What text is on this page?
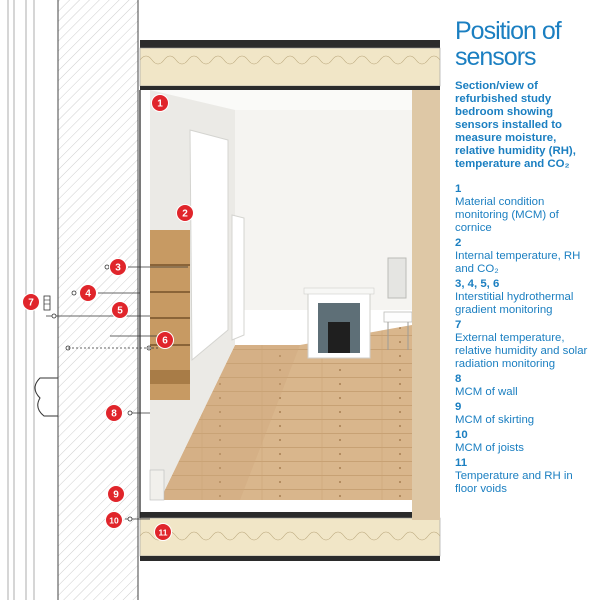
1
2
3
4
5
6
7
8
9
10
11
Position of sensors

Section/view of refurbished study bedroom showing sensors installed to measure moisture, relative humidity (RH), temperature and CO₂

1
Material condition monitoring (MCM) of cornice
2
Internal temperature, RH and CO₂
3, 4, 5, 6
Interstitial hydrothermal gradient monitoring
7
External temperature, relative humidity and solar radiation monitoring
8
MCM of wall
9
MCM of skirting
10
MCM of joists
11
Temperature and RH in floor voids
